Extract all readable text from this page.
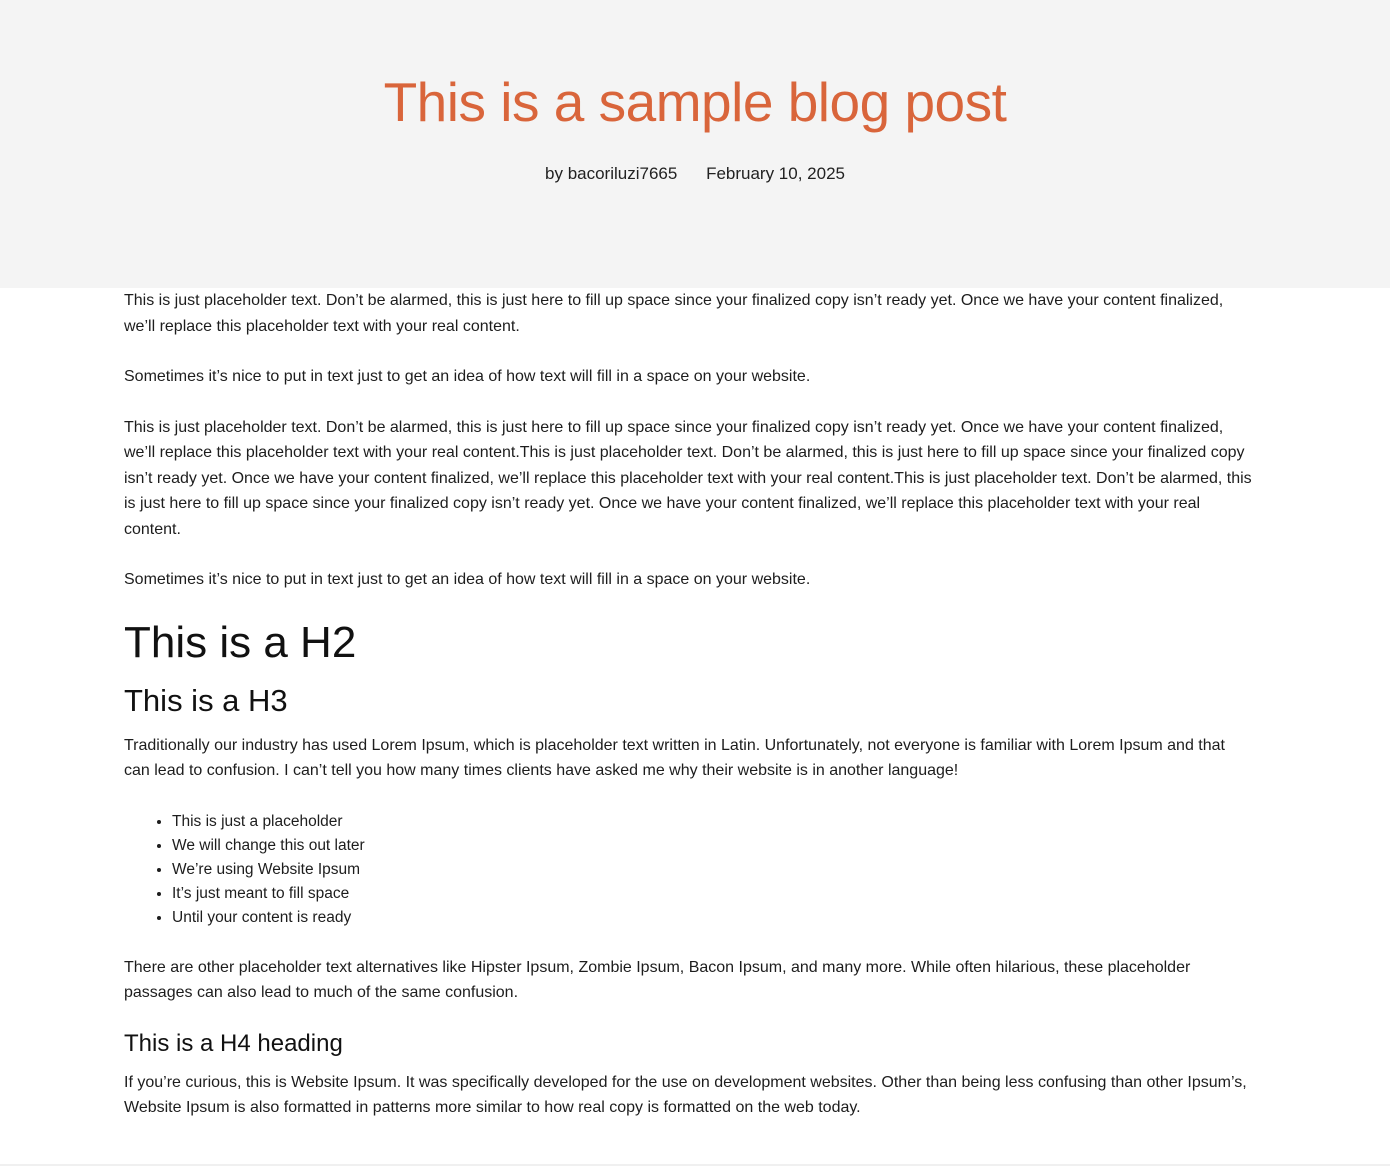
This is a sample blog post
by bacoriluzi7665 February 10, 2025

This is just placeholder text. Don’t be alarmed, this is just here to fill up space since your finalized copy isn’t ready yet. Once we have your content finalized, we’ll replace this placeholder text with your real content.

Sometimes it’s nice to put in text just to get an idea of how text will fill in a space on your website.

This is just placeholder text. Don’t be alarmed, this is just here to fill up space since your finalized copy isn’t ready yet. Once we have your content finalized, we’ll replace this placeholder text with your real content.This is just placeholder text. Don’t be alarmed, this is just here to fill up space since your finalized copy isn’t ready yet. Once we have your content finalized, we’ll replace this placeholder text with your real content.This is just placeholder text. Don’t be alarmed, this is just here to fill up space since your finalized copy isn’t ready yet. Once we have your content finalized, we’ll replace this placeholder text with your real content.

Sometimes it’s nice to put in text just to get an idea of how text will fill in a space on your website.

This is a H2
This is a H3

Traditionally our industry has used Lorem Ipsum, which is placeholder text written in Latin. Unfortunately, not everyone is familiar with Lorem Ipsum and that can lead to confusion. I can’t tell you how many times clients have asked me why their website is in another language!

• This is just a placeholder
• We will change this out later
• We’re using Website Ipsum
• It’s just meant to fill space
• Until your content is ready

There are other placeholder text alternatives like Hipster Ipsum, Zombie Ipsum, Bacon Ipsum, and many more. While often hilarious, these placeholder passages can also lead to much of the same confusion.

This is a H4 heading

If you’re curious, this is Website Ipsum. It was specifically developed for the use on development websites. Other than being less confusing than other Ipsum’s, Website Ipsum is also formatted in patterns more similar to how real copy is formatted on the web today.
